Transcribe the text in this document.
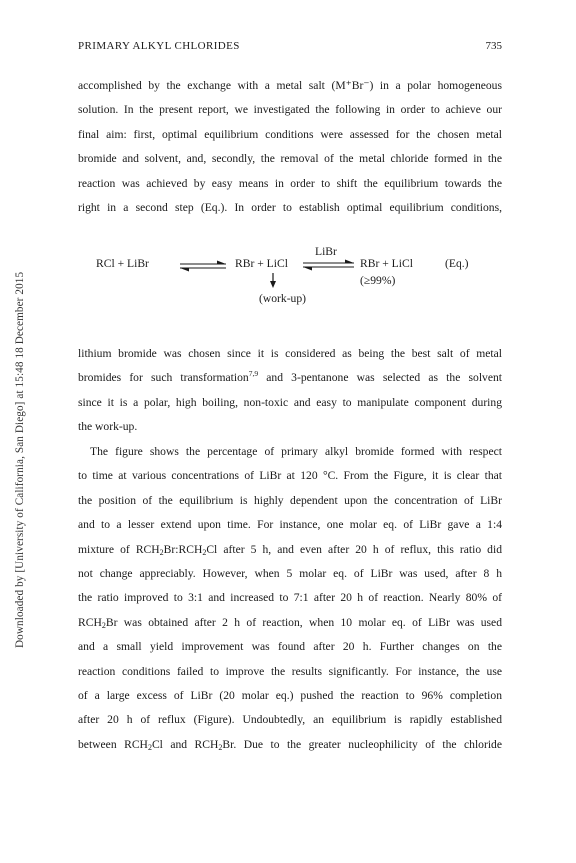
Downloaded by [University of California, San Diego] at 15:48 18 December 2015
PRIMARY ALKYL CHLORIDES	735
accomplished by the exchange with a metal salt (M⁺Br⁻) in a polar homogeneous
solution. In the present report, we investigated the following in order to achieve our
final aim: first, optimal equilibrium conditions were assessed for the chosen metal
bromide and solvent, and, secondly, the removal of the metal chloride formed in the
reaction was achieved by easy means in order to shift the equilibrium towards the
right in a second step (Eq.). In order to establish optimal equilibrium conditions,
RCl + LiBr	RBr + LiCl
LiBr
RBr + LiCl	(Eq.)
(≥99%)
(work-up)
lithium bromide was chosen since it is considered as being the best salt of metal
bromides for such transformation$^{7,9}$ and 3-pentanone was selected as the solvent
since it is a polar, high boiling, non-toxic and easy to manipulate component during
the work-up.
The figure shows the percentage of primary alkyl bromide formed with respect
to time at various concentrations of LiBr at 120 °C. From the Figure, it is clear that
the position of the equilibrium is highly dependent upon the concentration of LiBr
and to a lesser extend upon time. For instance, one molar eq. of LiBr gave a 1:4
mixture of $RCH_2Br:RCH_2Cl$ after 5 h, and even after 20 h of reflux, this ratio did
not change appreciably. However, when 5 molar eq. of LiBr was used, after 8 h
the ratio improved to 3:1 and increased to 7:1 after 20 h of reaction. Nearly 80% of
$RCH_2Br$ was obtained after 2 h of reaction, when 10 molar eq. of LiBr was used
and a small yield improvement was found after 20 h. Further changes on the
reaction conditions failed to improve the results significantly. For instance, the use
of a large excess of LiBr (20 molar eq.) pushed the reaction to 96% completion
after 20 h of reflux (Figure). Undoubtedly, an equilibrium is rapidly established
between $RCH_2Cl$ and $RCH_2Br$. Due to the greater nucleophilicity of the chloride
